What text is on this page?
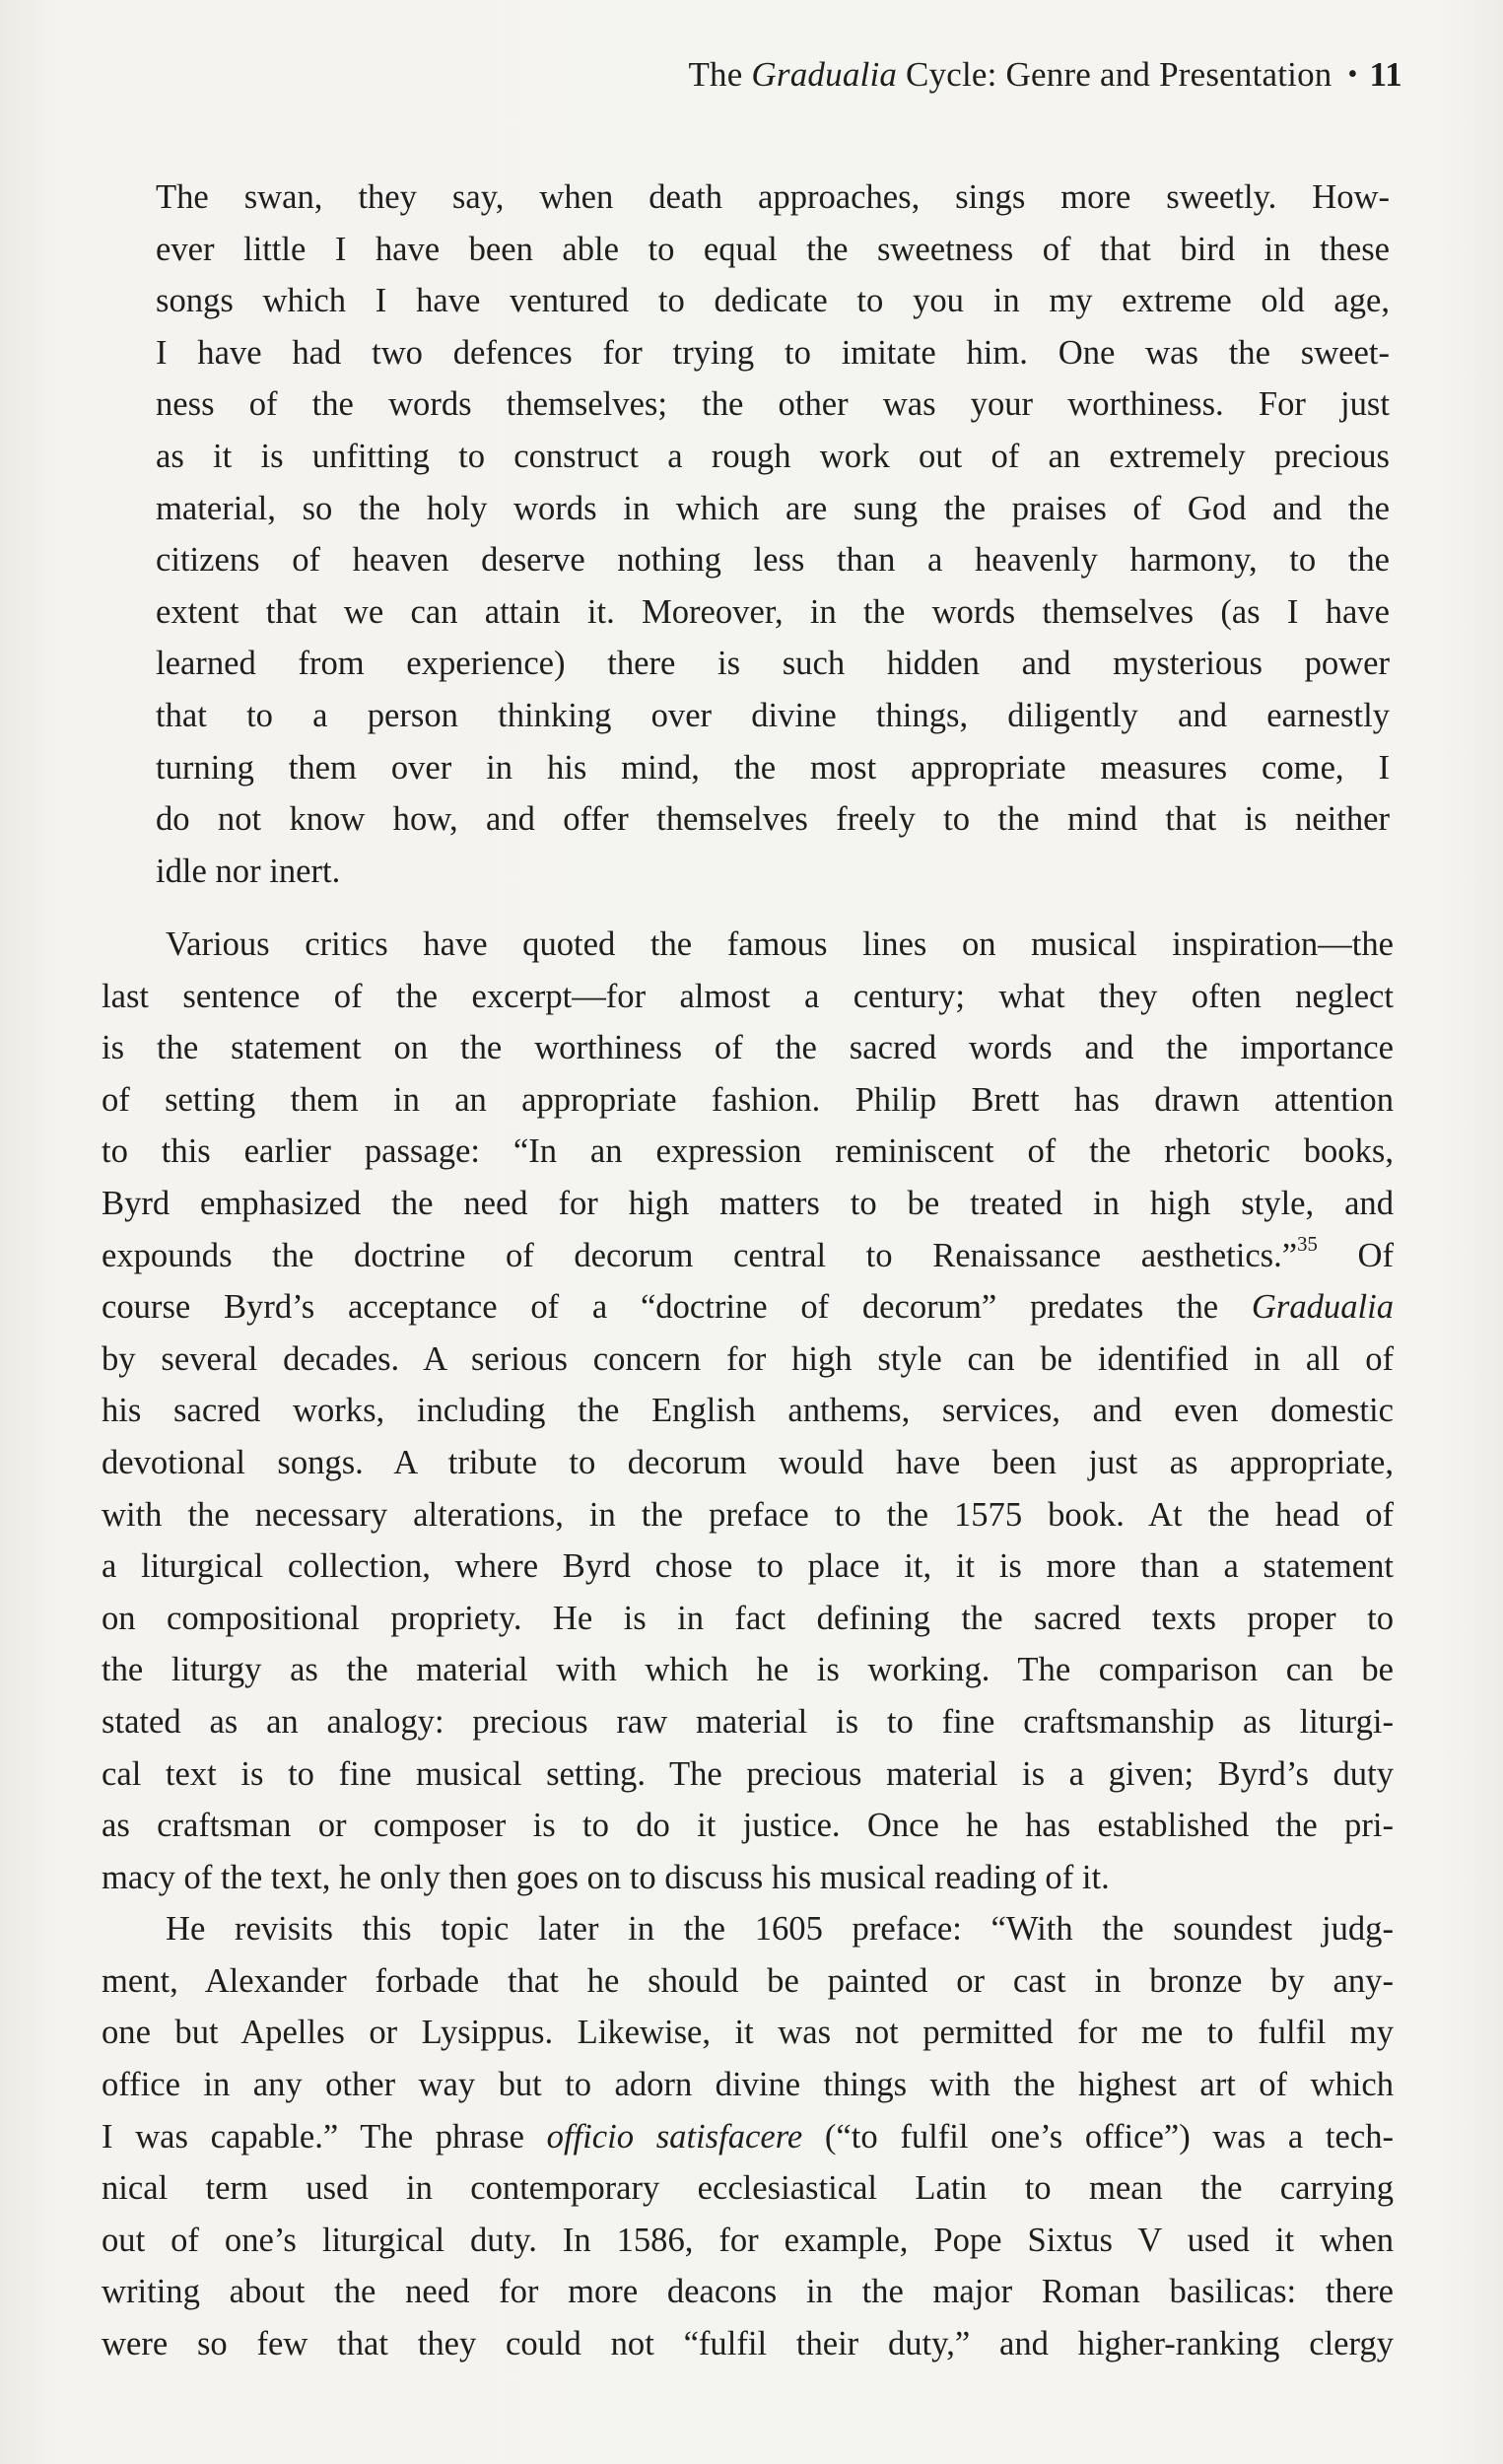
The Gradualia Cycle: Genre and Presentation • 11
The swan, they say, when death approaches, sings more sweetly. How-
ever little I have been able to equal the sweetness of that bird in these
songs which I have ventured to dedicate to you in my extreme old age,
I have had two defences for trying to imitate him. One was the sweet-
ness of the words themselves; the other was your worthiness. For just
as it is unfitting to construct a rough work out of an extremely precious
material, so the holy words in which are sung the praises of God and the
citizens of heaven deserve nothing less than a heavenly harmony, to the
extent that we can attain it. Moreover, in the words themselves (as I have
learned from experience) there is such hidden and mysterious power
that to a person thinking over divine things, diligently and earnestly
turning them over in his mind, the most appropriate measures come, I
do not know how, and offer themselves freely to the mind that is neither
idle nor inert.
Various critics have quoted the famous lines on musical inspiration—the
last sentence of the excerpt—for almost a century; what they often neglect
is the statement on the worthiness of the sacred words and the importance
of setting them in an appropriate fashion. Philip Brett has drawn attention
to this earlier passage: “In an expression reminiscent of the rhetoric books,
Byrd emphasized the need for high matters to be treated in high style, and
expounds the doctrine of decorum central to Renaissance aesthetics.”$^{35}$ Of
course Byrd’s acceptance of a “doctrine of decorum” predates the Gradualia
by several decades. A serious concern for high style can be identified in all of
his sacred works, including the English anthems, services, and even domestic
devotional songs. A tribute to decorum would have been just as appropriate,
with the necessary alterations, in the preface to the 1575 book. At the head of
a liturgical collection, where Byrd chose to place it, it is more than a statement
on compositional propriety. He is in fact defining the sacred texts proper to
the liturgy as the material with which he is working. The comparison can be
stated as an analogy: precious raw material is to fine craftsmanship as liturgi-
cal text is to fine musical setting. The precious material is a given; Byrd’s duty
as craftsman or composer is to do it justice. Once he has established the pri-
macy of the text, he only then goes on to discuss his musical reading of it.
He revisits this topic later in the 1605 preface: “With the soundest judg-
ment, Alexander forbade that he should be painted or cast in bronze by any-
one but Apelles or Lysippus. Likewise, it was not permitted for me to fulfil my
office in any other way but to adorn divine things with the highest art of which
I was capable.” The phrase officio satisfacere (“to fulfil one’s office”) was a tech-
nical term used in contemporary ecclesiastical Latin to mean the carrying
out of one’s liturgical duty. In 1586, for example, Pope Sixtus V used it when
writing about the need for more deacons in the major Roman basilicas: there
were so few that they could not “fulfil their duty,” and higher-ranking clergy
